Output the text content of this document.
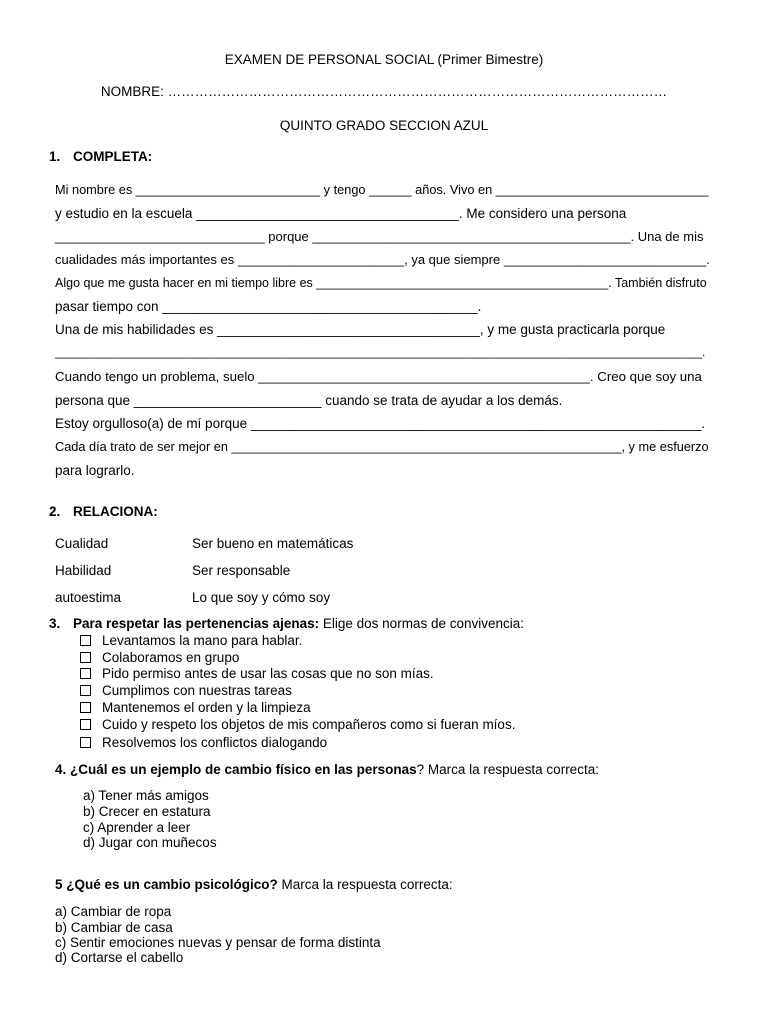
EXAMEN DE PERSONAL SOCIAL (Primer Bimestre)
NOMBRE: …………………………………………………………………………………………………
QUINTO GRADO SECCION AZUL
1. COMPLETA:
Mi nombre es __________________________ y tengo ______ años. Vivo en ______________________________
y estudio en la escuela ___________________________________. Me considero una persona
_____________________________ porque ____________________________________________. Una de mis
cualidades más importantes es _______________________, ya que siempre ____________________________.
Algo que me gusta hacer en mi tiempo libre es __________________________________________. También disfruto
pasar tiempo con __________________________________________.
Una de mis habilidades es ___________________________________, y me gusta practicarla porque
___________________________________________________________________________________________________.
Cuando tengo un problema, suelo _____________________________________________. Creo que soy una
persona que _________________________ cuando se trata de ayudar a los demás.
Estoy orgulloso(a) de mí porque ____________________________________________________________.
Cada día trato de ser mejor en _______________________________________________________, y me esfuerzo
para lograrlo.
2. RELACIONA:
Cualidad	Ser bueno en matemáticas
Habilidad	Ser responsable
autoestima	Lo que soy y cómo soy
3. Para respetar las pertenencias ajenas: Elige dos normas de convivencia:
Levantamos la mano para hablar.
Colaboramos en grupo
Pido permiso antes de usar las cosas que no son mías.
Cumplimos con nuestras tareas
Mantenemos el orden y la limpieza
Cuido y respeto los objetos de mis compañeros como si fueran míos.
Resolvemos los conflictos dialogando
4. ¿Cuál es un ejemplo de cambio físico en las personas? Marca la respuesta correcta:
a) Tener más amigos
b) Crecer en estatura
c) Aprender a leer
d) Jugar con muñecos
5 ¿Qué es un cambio psicológico? Marca la respuesta correcta:
a) Cambiar de ropa
b) Cambiar de casa
c) Sentir emociones nuevas y pensar de forma distinta
d) Cortarse el cabello
